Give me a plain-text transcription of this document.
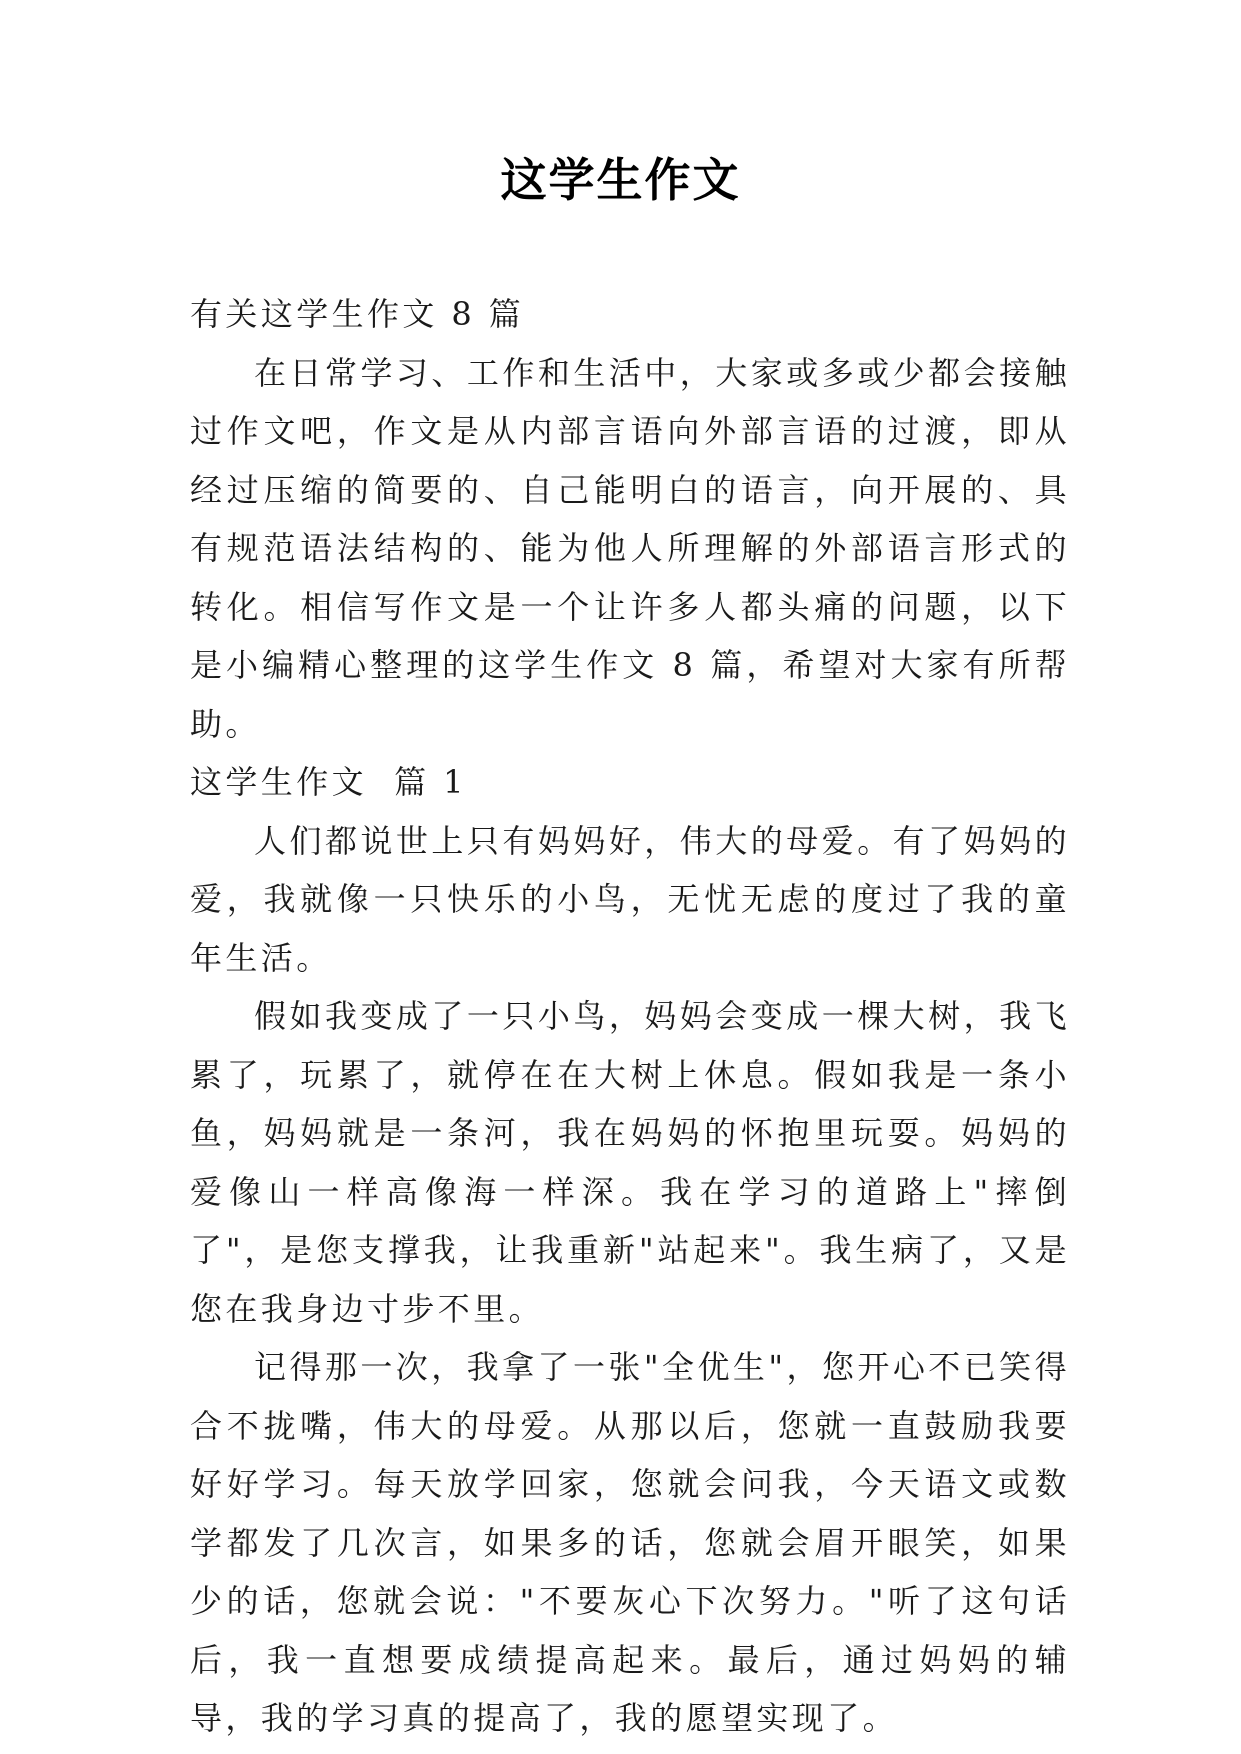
这学生作文

有关这学生作文 8 篇

在日常学习、工作和生活中，大家或多或少都会接触过作文吧，作文是从内部言语向外部言语的过渡，即从经过压缩的简要的、自己能明白的语言，向开展的、具有规范语法结构的、能为他人所理解的外部语言形式的转化。相信写作文是一个让许多人都头痛的问题，以下是小编精心整理的这学生作文 8 篇，希望对大家有所帮助。

这学生作文  篇 1

人们都说世上只有妈妈好，伟大的母爱。有了妈妈的爱，我就像一只快乐的小鸟，无忧无虑的度过了我的童年生活。

假如我变成了一只小鸟，妈妈会变成一棵大树，我飞累了，玩累了，就停在在大树上休息。假如我是一条小鱼，妈妈就是一条河，我在妈妈的怀抱里玩耍。妈妈的爱像山一样高像海一样深。我在学习的道路上"摔倒了"，是您支撑我，让我重新"站起来"。我生病了，又是您在我身边寸步不里。

记得那一次，我拿了一张"全优生"，您开心不已笑得合不拢嘴，伟大的母爱。从那以后，您就一直鼓励我要好好学习。每天放学回家，您就会问我，今天语文或数学都发了几次言，如果多的话，您就会眉开眼笑，如果少的话，您就会说："不要灰心下次努力。"听了这句话后，我一直想要成绩提高起来。最后，通过妈妈的辅导，我的学习真的提高了，我的愿望实现了。
